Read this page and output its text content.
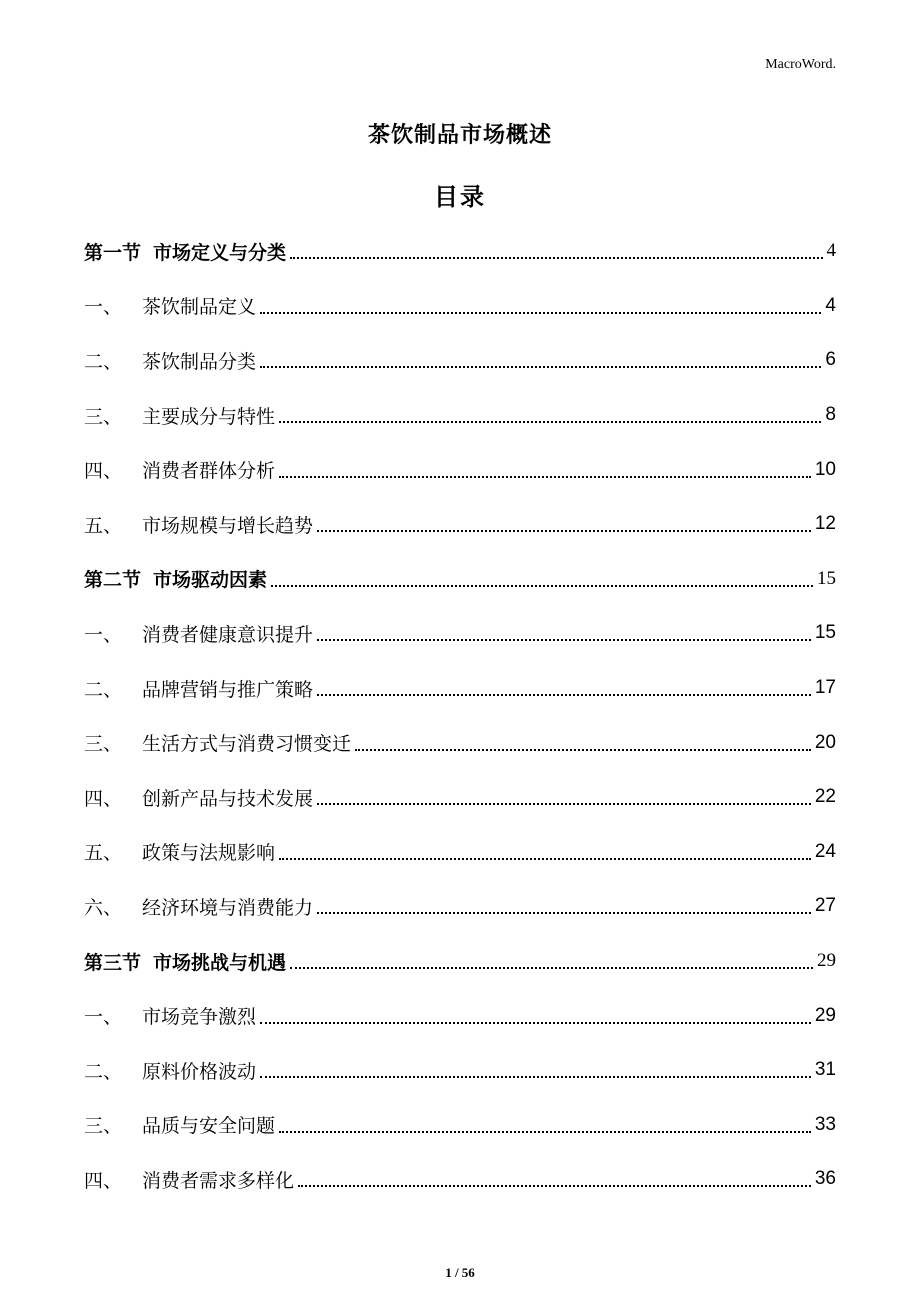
MacroWord.
茶饮制品市场概述
目录
第一节 市场定义与分类	4
一、	茶饮制品定义	4
二、	茶饮制品分类	6
三、	主要成分与特性	8
四、	消费者群体分析	10
五、	市场规模与增长趋势	12
第二节 市场驱动因素	15
一、	消费者健康意识提升	15
二、	品牌营销与推广策略	17
三、	生活方式与消费习惯变迁	20
四、	创新产品与技术发展	22
五、	政策与法规影响	24
六、	经济环境与消费能力	27
第三节 市场挑战与机遇	29
一、	市场竞争激烈	29
二、	原料价格波动	31
三、	品质与安全问题	33
四、	消费者需求多样化	36
1 / 56
